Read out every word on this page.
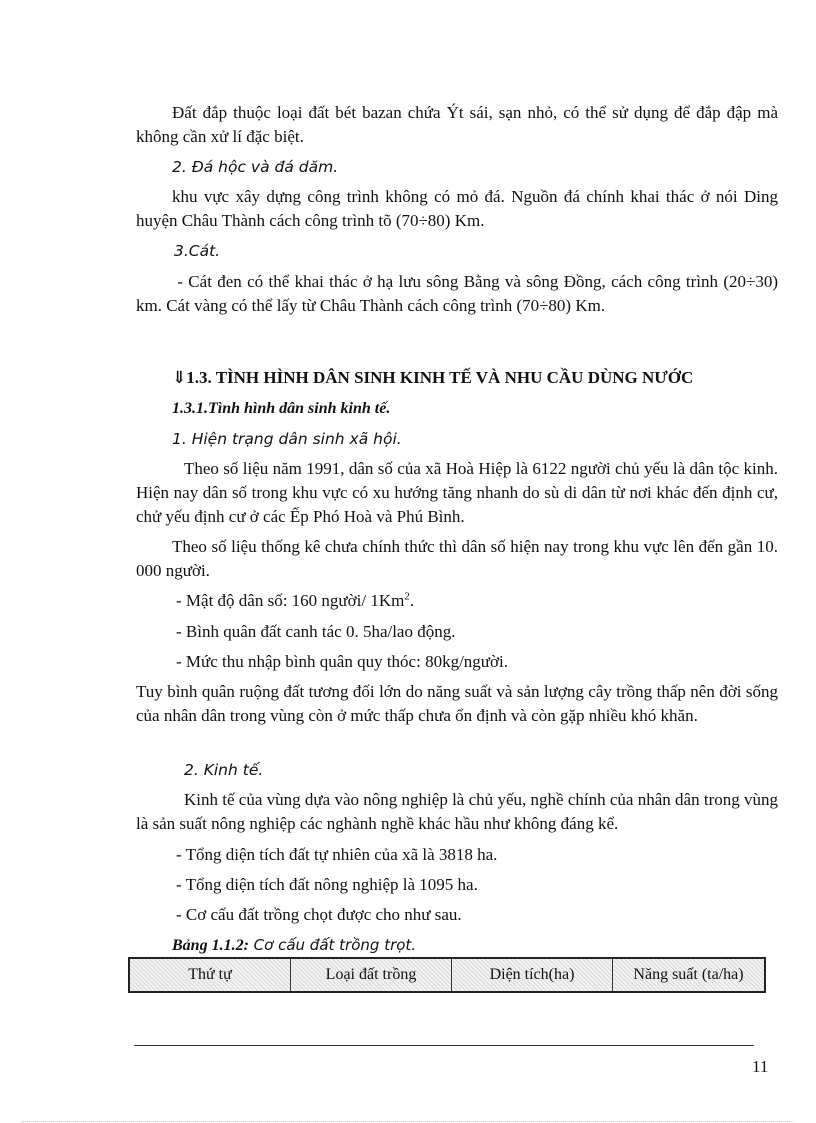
Đất đắp thuộc loại đất bét bazan chứa Ýt sái, sạn nhỏ, có thể sử dụng để đắp đập mà không cần xử lí đặc biệt.

2. Đá hộc và đá dăm.

khu vực xây dựng công trình không có mỏ đá. Nguồn đá chính khai thác ở nói Ding huyện Châu Thành cách công trình tõ (70÷80) Km.

3.Cát.

- Cát đen có thể khai thác ở hạ lưu sông Bằng và sông Đồng, cách công trình (20÷30) km. Cát vàng có thể lấy từ Châu Thành cách công trình (70÷80) Km.

⇓1.3. TÌNH HÌNH DÂN SINH KINH TẾ VÀ NHU CẦU DÙNG NƯỚC

1.3.1.Tình hình dân sinh kinh tế.

1. Hiện trạng dân sinh xã hội.

Theo số liệu năm 1991, dân số của xã Hoà Hiệp là 6122 người chủ yếu là dân tộc kinh. Hiện nay dân số trong khu vực có xu hướng tăng nhanh do sù di dân từ nơi khác đến định cư, chử yếu định cư ở các Ếp Phó Hoà và Phú Bình.

Theo số liệu thống kê chưa chính thức thì dân số hiện nay trong khu vực lên đến gần 10. 000 người.

- Mật độ dân số: 160 người/ 1Km$^2$.

- Bình quân đất canh tác 0. 5ha/lao động.

- Mức thu nhập bình quân quy thóc: 80kg/người.

Tuy bình quân ruộng đất tương đối lớn do năng suất và sản lượng cây trồng thấp nên đời sống của nhân dân trong vùng còn ở mức thấp chưa ổn định và còn gặp nhiều khó khăn.

2. Kinh tế.

Kinh tế của vùng dựa vào nông nghiệp là chủ yếu, nghề chính của nhân dân trong vùng là sản suất nông nghiệp các nghành nghề khác hầu như không đáng kể.

- Tổng diện tích đất tự nhiên của xã là 3818 ha.

- Tổng diện tích đất nông nghiệp là 1095 ha.

- Cơ cấu đất trồng chọt được cho như sau.

Bảng 1.1.2: Cơ cấu đất trồng trọt.

Thứ tự	Loại đất trồng	Diện tích(ha)	Năng suất (ta/ha)
11
